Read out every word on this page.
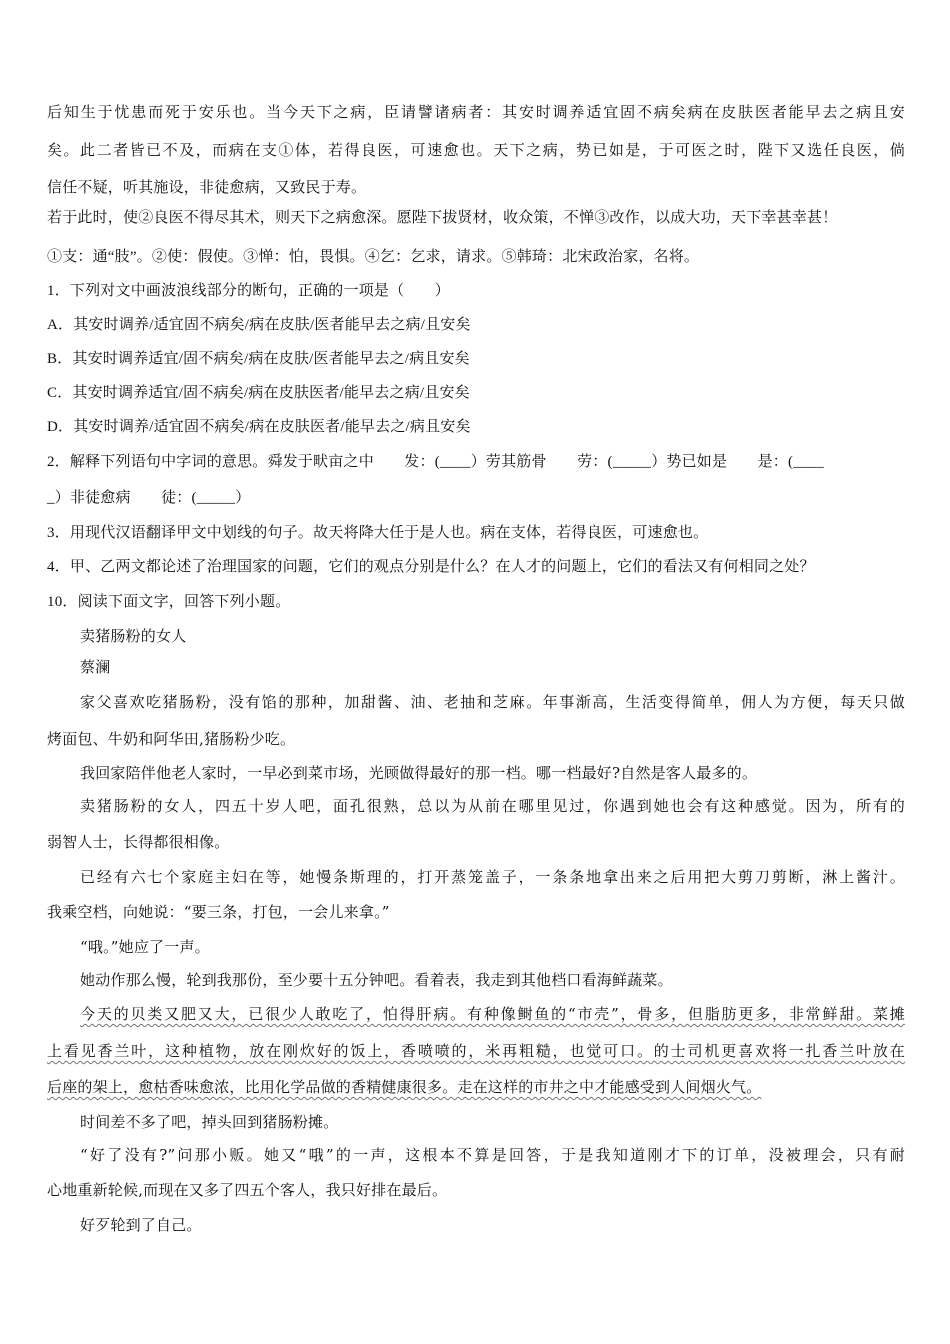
后知生于忧患而死于安乐也。当今天下之病，臣请譬诸病者：其安时调养适宜固不病矣病在皮肤医者能早去之病且安
矣。此二者皆已不及，而病在支①体，若得良医，可速愈也。天下之病，势已如是，于可医之时，陛下又选任良医，倘
信任不疑，听其施设，非徒愈病，又致民于寿。
若于此时，使②良医不得尽其术，则天下之病愈深。愿陛下拔贤材，收众策，不惮③改作，以成大功，天下幸甚幸甚！
①支：通“肢”。②使：假使。③惮：怕，畏惧。④乞：乞求，请求。⑤韩琦：北宋政治家，名将。
1．下列对文中画波浪线部分的断句，正确的一项是（　　）
A．其安时调养/适宜固不病矣/病在皮肤/医者能早去之病/且安矣
B．其安时调养适宜/固不病矣/病在皮肤/医者能早去之/病且安矣
C．其安时调养适宜/固不病矣/病在皮肤医者/能早去之病/且安矣
D．其安时调养/适宜固不病矣/病在皮肤医者/能早去之/病且安矣
2．解释下列语句中字词的意思。舜发于畎亩之中　　发：(____）劳其筋骨　　劳：(_____）势已如是　　是：(____
_）非徒愈病　　徒：(_____）
3．用现代汉语翻译甲文中划线的句子。故天将降大任于是人也。病在支体，若得良医，可速愈也。
4．甲、乙两文都论述了治理国家的问题，它们的观点分别是什么？在人才的问题上，它们的看法又有何相同之处？
10．阅读下面文字，回答下列小题。
卖猪肠粉的女人
蔡澜
家父喜欢吃猪肠粉，没有馅的那种，加甜酱、油、老抽和芝麻。年事渐高，生活变得简单，佣人为方便，每天只做
烤面包、牛奶和阿华田,猪肠粉少吃。
我回家陪伴他老人家时，一早必到菜市场，光顾做得最好的那一档。哪一档最好?自然是客人最多的。
卖猪肠粉的女人，四五十岁人吧，面孔很熟，总以为从前在哪里见过，你遇到她也会有这种感觉。因为，所有的
弱智人士，长得都很相像。
已经有六七个家庭主妇在等，她慢条斯理的，打开蒸笼盖子，一条条地拿出来之后用把大剪刀剪断，淋上酱汁。
我乘空档，向她说：“要三条，打包，一会儿来拿。”
“哦。”她应了一声。
她动作那么慢，轮到我那份，至少要十五分钟吧。看着表，我走到其他档口看海鲜蔬菜。
今天的贝类又肥又大，已很少人敢吃了，怕得肝病。有种像鲥鱼的“市壳”，骨多，但脂肪更多，非常鲜甜。菜摊
上看见香兰叶，这种植物，放在刚炊好的饭上，香喷喷的，米再粗糙，也觉可口。的士司机更喜欢将一扎香兰叶放在
后座的架上，愈枯香味愈浓，比用化学品做的香精健康很多。走在这样的市井之中才能感受到人间烟火气。
时间差不多了吧，掉头回到猪肠粉摊。
“好了没有?”问那小贩。她又“哦”的一声，这根本不算是回答，于是我知道刚才下的订单，没被理会，只有耐
心地重新轮候,而现在又多了四五个客人，我只好排在最后。
好歹轮到了自己。
